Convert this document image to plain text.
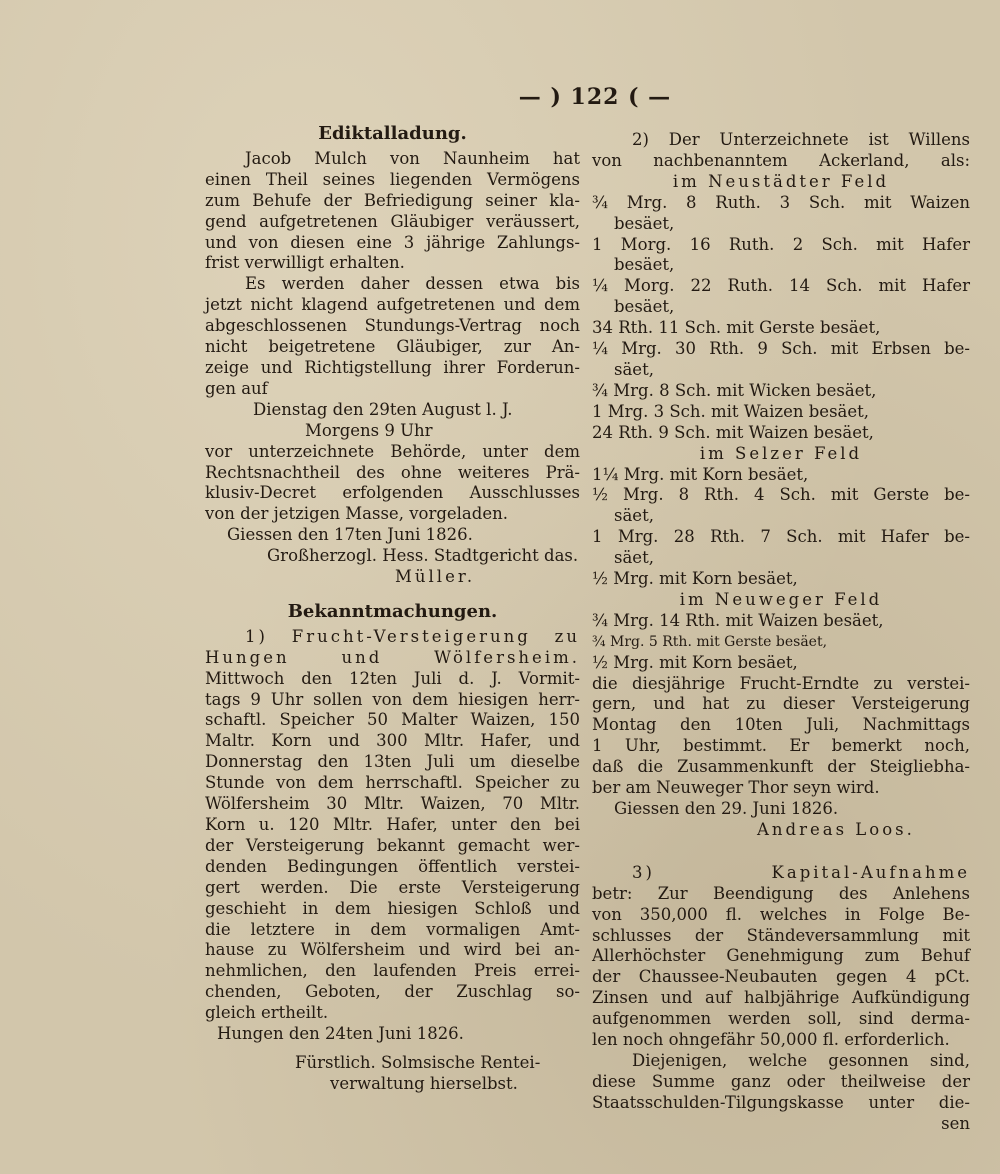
— ) 122 ( —
Ediktalladung.
Jacob Mulch von Naunheim hat
einen Theil seines liegenden Vermögens
zum Behufe der Befriedigung seiner kla-
gend aufgetretenen Gläubiger veräussert,
und von diesen eine 3 jährige Zahlungs-
frist verwilligt erhalten.
Es werden daher dessen etwa bis
jetzt nicht klagend aufgetretenen und dem
abgeschlossenen Stundungs-Vertrag noch
nicht beigetretene Gläubiger, zur An-
zeige und Richtigstellung ihrer Forderun-
gen auf
Dienstag den 29ten August l. J.
Morgens 9 Uhr
vor unterzeichnete Behörde, unter dem
Rechtsnachtheil des ohne weiteres Prä-
klusiv-Decret erfolgenden Ausschlusses
von der jetzigen Masse, vorgeladen.
Giessen den 17ten Juni 1826.
Großherzogl. Hess. Stadtgericht das.
Müller.
Bekanntmachungen.
1) Frucht-Versteigerung zu
Hungen und Wölfersheim.
Mittwoch den 12ten Juli d. J. Vormit-
tags 9 Uhr sollen von dem hiesigen herr-
schaftl. Speicher 50 Malter Waizen, 150
Maltr. Korn und 300 Mltr. Hafer, und
Donnerstag den 13ten Juli um dieselbe
Stunde von dem herrschaftl. Speicher zu
Wölfersheim 30 Mltr. Waizen, 70 Mltr.
Korn u. 120 Mltr. Hafer, unter den bei
der Versteigerung bekannt gemacht wer-
denden Bedingungen öffentlich verstei-
gert werden. Die erste Versteigerung
geschieht in dem hiesigen Schloß und
die letztere in dem vormaligen Amt-
hause zu Wölfersheim und wird bei an-
nehmlichen, den laufenden Preis errei-
chenden, Geboten, der Zuschlag so-
gleich ertheilt.
Hungen den 24ten Juni 1826.
Fürstlich. Solmsische Rentei-
verwaltung hierselbst.
2) Der Unterzeichnete ist Willens
von nachbenanntem Ackerland, als:
im Neustädter Feld
¾ Mrg. 8 Ruth. 3 Sch. mit Waizen
besäet,
1 Morg. 16 Ruth. 2 Sch. mit Hafer
besäet,
¼ Morg. 22 Ruth. 14 Sch. mit Hafer
besäet,
34 Rth. 11 Sch. mit Gerste besäet,
¼ Mrg. 30 Rth. 9 Sch. mit Erbsen be-
säet,
¾ Mrg. 8 Sch. mit Wicken besäet,
1 Mrg. 3 Sch. mit Waizen besäet,
24 Rth. 9 Sch. mit Waizen besäet,
im Selzer Feld
1¼ Mrg. mit Korn besäet,
½ Mrg. 8 Rth. 4 Sch. mit Gerste be-
säet,
1 Mrg. 28 Rth. 7 Sch. mit Hafer be-
säet,
½ Mrg. mit Korn besäet,
im Neuweger Feld
¾ Mrg. 14 Rth. mit Waizen besäet,
¾ Mrg. 5 Rth. mit Gerste besäet,
½ Mrg. mit Korn besäet,
die diesjährige Frucht-Erndte zu verstei-
gern, und hat zu dieser Versteigerung
Montag den 10ten Juli, Nachmittags
1 Uhr, bestimmt. Er bemerkt noch,
daß die Zusammenkunft der Steigliebha-
ber am Neuweger Thor seyn wird.
Giessen den 29. Juni 1826.
Andreas Loos.
3) Kapital-Aufnahme
betr: Zur Beendigung des Anlehens
von 350,000 fl. welches in Folge Be-
schlusses der Ständeversammlung mit
Allerhöchster Genehmigung zum Behuf
der Chaussee-Neubauten gegen 4 pCt.
Zinsen und auf halbjährige Aufkündigung
aufgenommen werden soll, sind derma-
len noch ohngefähr 50,000 fl. erforderlich.
Diejenigen, welche gesonnen sind,
diese Summe ganz oder theilweise der
Staatsschulden-Tilgungskasse unter die-
sen
